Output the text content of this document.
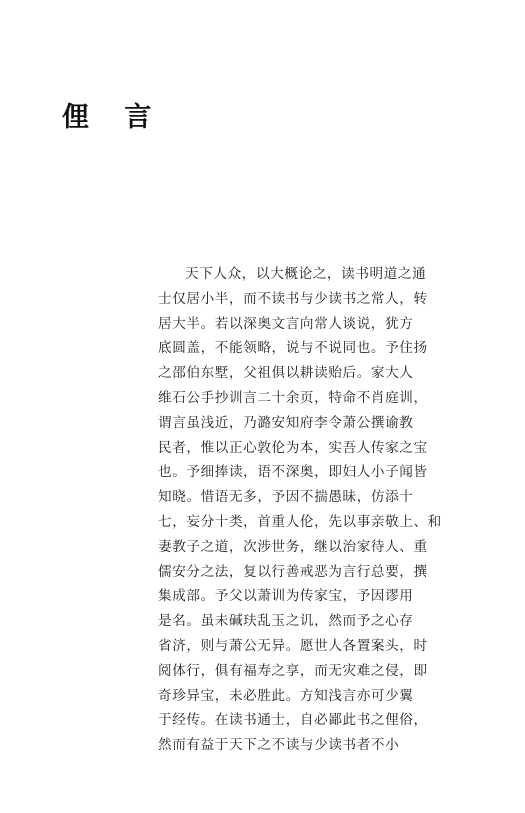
俚 言
天下人众，以大概论之，读书明道之通
士仅居小半，而不读书与少读书之常人，转
居大半。若以深奥文言向常人谈说，犹方
底圆盖，不能领略，说与不说同也。予住扬
之邵伯东墅，父祖俱以耕读贻后。家大人
维石公手抄训言二十余页，特命不肖庭训，
谓言虽浅近，乃潞安知府李令萧公撰谕教
民者，惟以正心敦伦为本，实吾人传家之宝
也。予细捧读，语不深奥，即妇人小子闻皆
知晓。惜语无多，予因不揣愚昧，仿添十
七，妄分十类，首重人伦，先以事亲敬上、和
妻教子之道，次涉世务，继以治家待人、重
儒安分之法，复以行善戒恶为言行总要，撰
集成部。予父以萧训为传家宝，予因谬用
是名。虽未碱玞乱玉之讥，然而予之心存
省济，则与萧公无异。愿世人各置案头，时
阅体行，俱有福寿之享，而无灾难之侵，即
奇珍异宝，未必胜此。方知浅言亦可少翼
于经传。在读书通士，自必鄙此书之俚俗，
然而有益于天下之不读与少读书者不小
